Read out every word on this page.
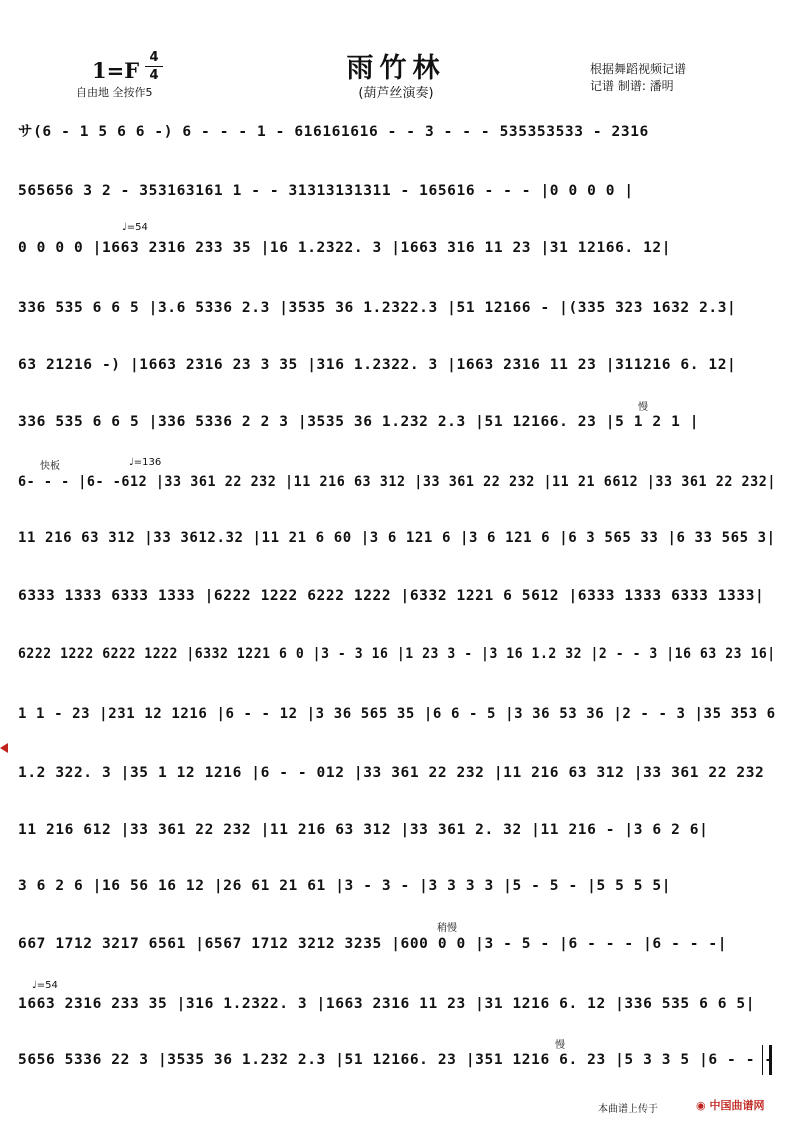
1=F
4
4
自由地 全按作5
雨竹林
(葫芦丝演奏)
根据舞蹈视频记谱
记谱 制谱: 潘明
サ(6 - 1 5 6 6 -) 6 - - - 1 - 616161616 - - 3 - - - 535353533 - 2316
565656 3 2 - 353163161 1 - - 31313131311 - 165616 - - - |0 0 0 0 |
0 0 0 0 |1663 2316 233 35 |16 1.2322. 3 |1663 316 11 23 |31 12166. 12|
336 535 6 6 5 |3.6 5336 2.3 |3535 36 1.2322.3 |51 12166 - |(335 323 1632 2.3|
63 21216 -) |1663 2316 23 3 35 |316 1.2322. 3 |1663 2316 11 23 |311216 6. 12|
336 535 6 6 5 |336 5336 2 2 3 |3535 36 1.232 2.3 |51 12166. 23 |5 1 2 1 |
6- - - |6- -612 |33 361 22 232 |11 216 63 312 |33 361 22 232 |11 21 6612 |33 361 22 232|
11 216 63 312 |33 3612.32 |11 21 6 60 |3 6 121 6 |3 6 121 6 |6 3 565 33 |6 33 565 3|
6333 1333 6333 1333 |6222 1222 6222 1222 |6332 1221 6 5612 |6333 1333 6333 1333|
6222 1222 6222 1222 |6332 1221 6 0 |3 - 3 16 |1 23 3 - |3 16 1.2 32 |2 - - 3 |16 63 23 16|
1 1 - 23 |231 12 1216 |6 - - 12 |3 36 565 35 |6 6 - 5 |3 36 53 36 |2 - - 3 |35 353 6
1.2 322. 3 |35 1 12 1216 |6 - - 012 |33 361 22 232 |11 216 63 312 |33 361 22 232
11 216 612 |33 361 22 232 |11 216 63 312 |33 361 2. 32 |11 216 - |3 6 2 6|
3 6 2 6 |16 56 16 12 |26 61 21 61 |3 - 3 - |3 3 3 3 |5 - 5 - |5 5 5 5|
667 1712 3217 6561 |6567 1712 3212 3235 |600 0 0 |3 - 5 - |6 - - - |6 - - -|
1663 2316 233 35 |316 1.2322. 3 |1663 2316 11 23 |31 1216 6. 12 |336 535 6 6 5|
5656 5336 22 3 |3535 36 1.232 2.3 |51 12166. 23 |351 1216 6. 23 |5 3 3 5 |6 - - -
♩=54
快板	♩=136
慢
稍慢
♩=54
慢
本曲谱上传于	◉ 中国曲谱网
